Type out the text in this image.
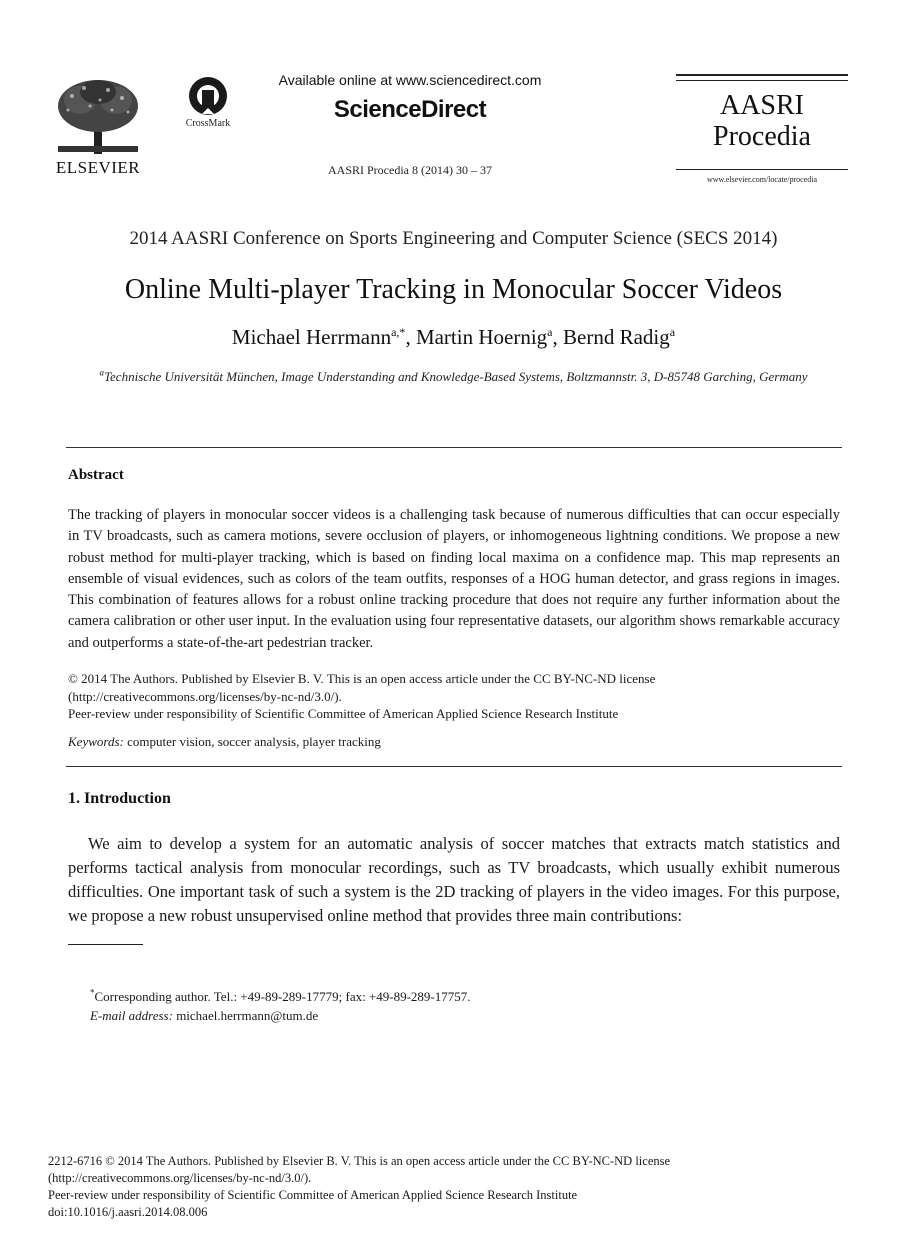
ELSEVIER
CrossMark
Available online at www.sciencedirect.com
ScienceDirect
AASRI Procedia 8 (2014) 30 – 37
AASRI
Procedia
www.elsevier.com/locate/procedia
2014 AASRI Conference on Sports Engineering and Computer Science (SECS 2014)
Online Multi-player Tracking in Monocular Soccer Videos
Michael Herrmann$^{a,*}$, Martin Hoernig$^a$, Bernd Radig$^a$
$^a$Technische Universität München, Image Understanding and Knowledge-Based Systems, Boltzmannstr. 3, D-85748 Garching, Germany
Abstract
The tracking of players in monocular soccer videos is a challenging task because of numerous difficulties that can occur especially in TV broadcasts, such as camera motions, severe occlusion of players, or inhomogeneous lightning conditions. We propose a new robust method for multi-player tracking, which is based on finding local maxima on a confidence map. This map represents an ensemble of visual evidences, such as colors of the team outfits, responses of a HOG human detector, and grass regions in images. This combination of features allows for a robust online tracking procedure that does not require any further information about the camera calibration or other user input. In the evaluation using four representative datasets, our algorithm shows remarkable accuracy and outperforms a state-of-the-art pedestrian tracker.
© 2014 The Authors. Published by Elsevier B. V. This is an open access article under the CC BY-NC-ND license
(http://creativecommons.org/licenses/by-nc-nd/3.0/).
Peer-review under responsibility of Scientific Committee of American Applied Science Research Institute
Keywords: computer vision, soccer analysis, player tracking
1. Introduction
We aim to develop a system for an automatic analysis of soccer matches that extracts match statistics and performs tactical analysis from monocular recordings, such as TV broadcasts, which usually exhibit numerous difficulties. One important task of such a system is the 2D tracking of players in the video images. For this purpose, we propose a new robust unsupervised online method that provides three main contributions:
*Corresponding author. Tel.: +49-89-289-17779; fax: +49-89-289-17757.
E-mail address: michael.herrmann@tum.de
2212-6716 © 2014 The Authors. Published by Elsevier B. V. This is an open access article under the CC BY-NC-ND license
(http://creativecommons.org/licenses/by-nc-nd/3.0/).
Peer-review under responsibility of Scientific Committee of American Applied Science Research Institute
doi:10.1016/j.aasri.2014.08.006
